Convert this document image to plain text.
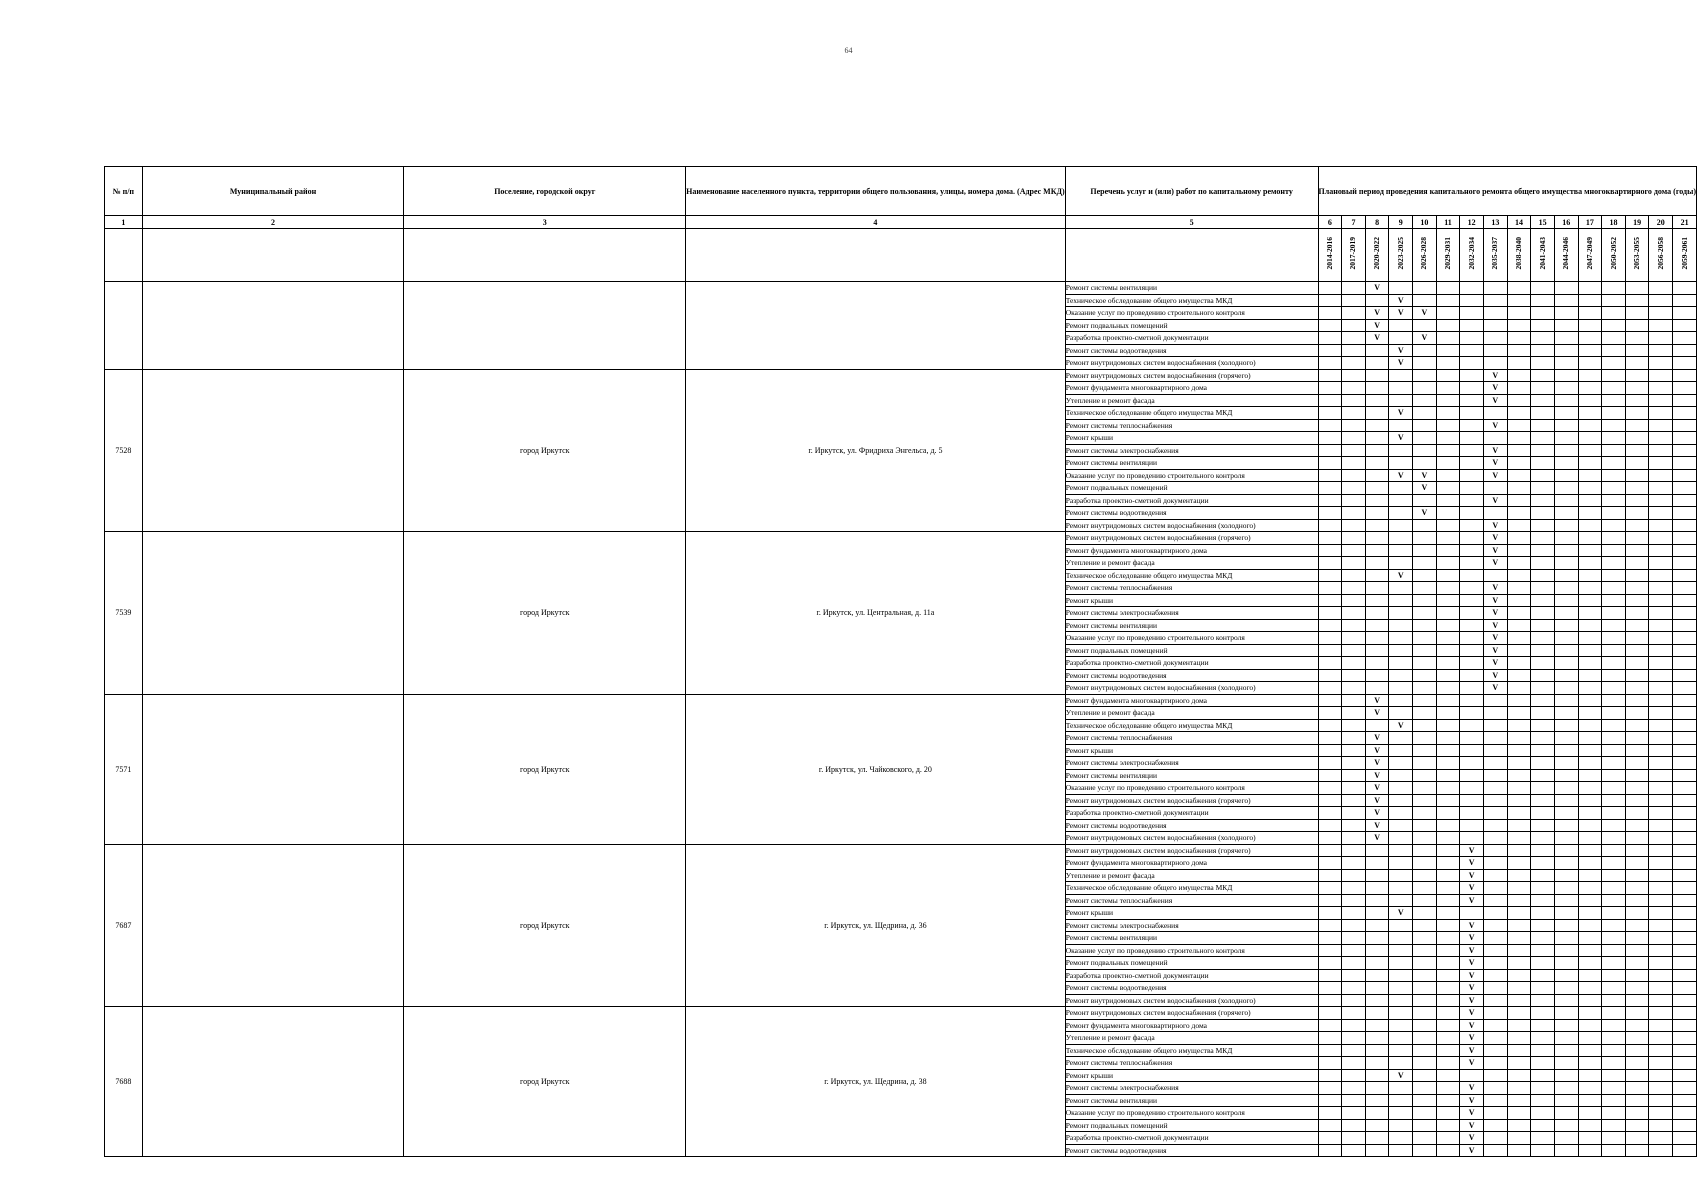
64
№ п/п	Муниципальный район	Поселение, городской округ	Наименование населенного пункта, территории общего пользования, улицы, номера дома. (Адрес МКД)	Перечень услуг и (или) работ по капитальному ремонту	Плановый период проведения капитального ремонта общего имущества многоквартирного дома (годы)															
1	2	3	4	5	6	7	8	9	10	11	12	13	14	15	16	17	18	19	20	21
					2014-2016	2017-2019	2020-2022	2023-2025	2026-2028	2029-2031	2032-2034	2035-2037	2038-2040	2041-2043	2044-2046	2047-2049	2050-2052	2053-2055	2056-2058	2059-2061
				Ремонт системы вентиляции			V													
				Техническое обследование общего имущества МКД				V												
				Оказание услуг по проведению строительного контроля			V	V	V											
				Ремонт подвальных помещений			V													
				Разработка проектно-сметной документации			V		V											
				Ремонт системы водоотведения				V												
				Ремонт внутридомовых систем водоснабжения (холодного)				V												
7528		город Иркутск	г. Иркутск, ул. Фридриха Энгельса, д. 5	Ремонт внутридомовых систем водоснабжения (горячего)								V								
				Ремонт фундамента многоквартирного дома								V								
				Утепление и ремонт фасада								V								
				Техническое обследование общего имущества МКД				V												
				Ремонт системы теплоснабжения								V								
				Ремонт крыши				V												
				Ремонт системы электроснабжения								V								
				Ремонт системы вентиляции								V								
				Оказание услуг по проведению строительного контроля				V	V			V								
				Ремонт подвальных помещений					V											
				Разработка проектно-сметной документации								V								
				Ремонт системы водоотведения					V											
				Ремонт внутридомовых систем водоснабжения (холодного)								V								
7539		город Иркутск	г. Иркутск, ул. Центральная, д. 11а	Ремонт внутридомовых систем водоснабжения (горячего)								V								
				Ремонт фундамента многоквартирного дома								V								
				Утепление и ремонт фасада								V								
				Техническое обследование общего имущества МКД				V												
				Ремонт системы теплоснабжения								V								
				Ремонт крыши								V								
				Ремонт системы электроснабжения								V								
				Ремонт системы вентиляции								V								
				Оказание услуг по проведению строительного контроля								V								
				Ремонт подвальных помещений								V								
				Разработка проектно-сметной документации								V								
				Ремонт системы водоотведения								V								
				Ремонт внутридомовых систем водоснабжения (холодного)								V								
7571		город Иркутск	г. Иркутск, ул. Чайковского, д. 20	Ремонт фундамента многоквартирного дома			V													
				Утепление и ремонт фасада			V													
				Техническое обследование общего имущества МКД				V												
				Ремонт системы теплоснабжения			V													
				Ремонт крыши			V													
				Ремонт системы электроснабжения			V													
				Ремонт системы вентиляции			V													
				Оказание услуг по проведению строительного контроля			V													
				Ремонт внутридомовых систем водоснабжения (горячего)			V													
				Разработка проектно-сметной документации			V													
				Ремонт системы водоотведения			V													
				Ремонт внутридомовых систем водоснабжения (холодного)			V													
7687		город Иркутск	г. Иркутск, ул. Щедрина, д. 36	Ремонт внутридомовых систем водоснабжения (горячего)							V									
				Ремонт фундамента многоквартирного дома							V									
				Утепление и ремонт фасада							V									
				Техническое обследование общего имущества МКД							V									
				Ремонт системы теплоснабжения							V									
				Ремонт крыши				V												
				Ремонт системы электроснабжения							V									
				Ремонт системы вентиляции							V									
				Оказание услуг по проведению строительного контроля							V									
				Ремонт подвальных помещений							V									
				Разработка проектно-сметной документации							V									
				Ремонт системы водоотведения							V									
				Ремонт внутридомовых систем водоснабжения (холодного)							V									
7688		город Иркутск	г. Иркутск, ул. Щедрина, д. 38	Ремонт внутридомовых систем водоснабжения (горячего)							V									
				Ремонт фундамента многоквартирного дома							V									
				Утепление и ремонт фасада							V									
				Техническое обследование общего имущества МКД							V									
				Ремонт системы теплоснабжения							V									
				Ремонт крыши				V												
				Ремонт системы электроснабжения							V									
				Ремонт системы вентиляции							V									
				Оказание услуг по проведению строительного контроля							V									
				Ремонт подвальных помещений							V									
				Разработка проектно-сметной документации							V									
				Ремонт системы водоотведения							V									
